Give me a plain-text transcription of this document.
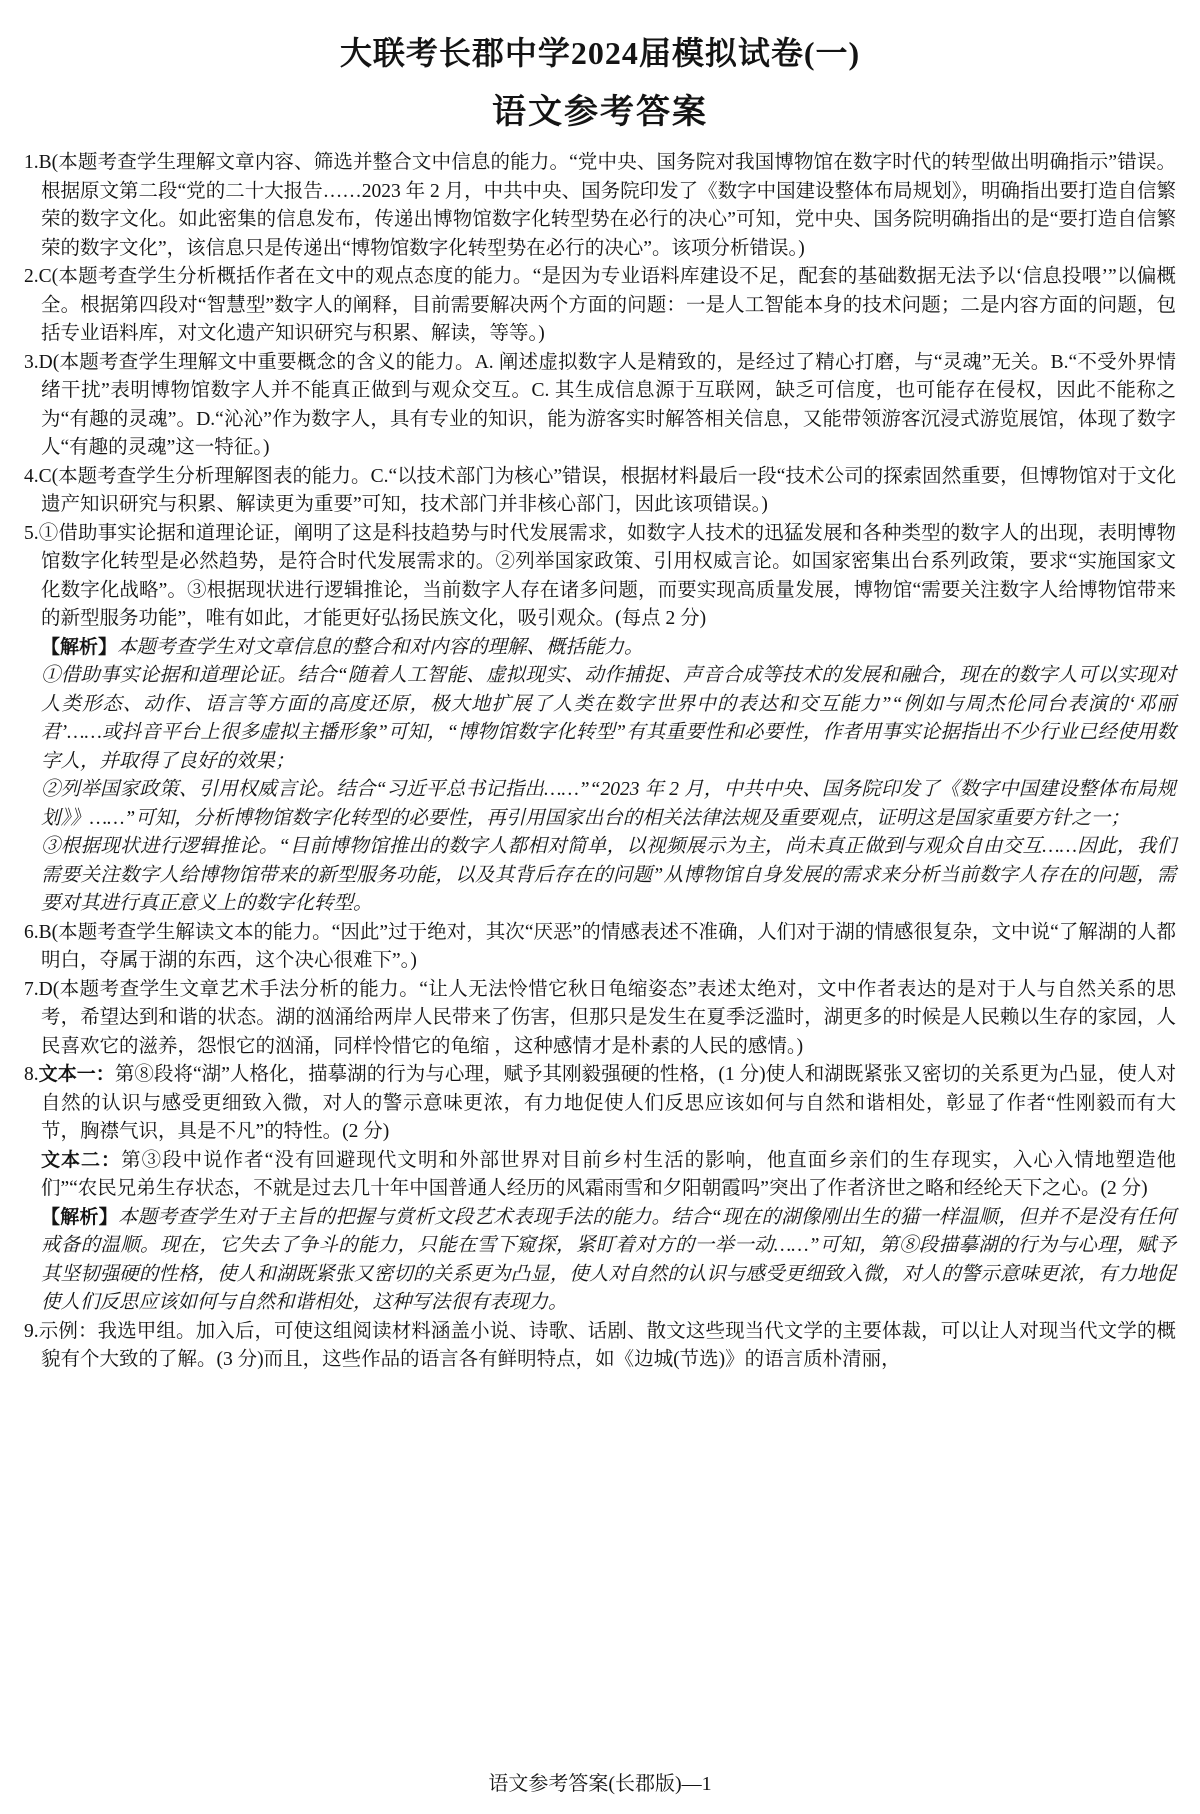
大联考长郡中学2024届模拟试卷(一)
语文参考答案
1.B(本题考查学生理解文章内容、筛选并整合文中信息的能力。“党中央、国务院对我国博物馆在数字时代的转型做出明确指示”错误。根据原文第二段“党的二十大报告……2023 年 2 月，中共中央、国务院印发了《数字中国建设整体布局规划》，明确指出要打造自信繁荣的数字文化。如此密集的信息发布，传递出博物馆数字化转型势在必行的决心”可知，党中央、国务院明确指出的是“要打造自信繁荣的数字文化”，该信息只是传递出“博物馆数字化转型势在必行的决心”。该项分析错误。)
2.C(本题考查学生分析概括作者在文中的观点态度的能力。“是因为专业语料库建设不足，配套的基础数据无法予以‘信息投喂’”以偏概全。根据第四段对“智慧型”数字人的阐释，目前需要解决两个方面的问题：一是人工智能本身的技术问题；二是内容方面的问题，包括专业语料库，对文化遗产知识研究与积累、解读，等等。)
3.D(本题考查学生理解文中重要概念的含义的能力。A. 阐述虚拟数字人是精致的，是经过了精心打磨，与“灵魂”无关。B.“不受外界情绪干扰”表明博物馆数字人并不能真正做到与观众交互。C. 其生成信息源于互联网，缺乏可信度，也可能存在侵权，因此不能称之为“有趣的灵魂”。D.“沁沁”作为数字人，具有专业的知识，能为游客实时解答相关信息，又能带领游客沉浸式游览展馆，体现了数字人“有趣的灵魂”这一特征。)
4.C(本题考查学生分析理解图表的能力。C.“以技术部门为核心”错误，根据材料最后一段“技术公司的探索固然重要，但博物馆对于文化遗产知识研究与积累、解读更为重要”可知，技术部门并非核心部门，因此该项错误。)
5.①借助事实论据和道理论证，阐明了这是科技趋势与时代发展需求，如数字人技术的迅猛发展和各种类型的数字人的出现，表明博物馆数字化转型是必然趋势，是符合时代发展需求的。②列举国家政策、引用权威言论。如国家密集出台系列政策，要求“实施国家文化数字化战略”。③根据现状进行逻辑推论，当前数字人存在诸多问题，而要实现高质量发展，博物馆“需要关注数字人给博物馆带来的新型服务功能”，唯有如此，才能更好弘扬民族文化，吸引观众。(每点 2 分)
【解析】本题考查学生对文章信息的整合和对内容的理解、概括能力。
①借助事实论据和道理论证。结合“随着人工智能、虚拟现实、动作捕捉、声音合成等技术的发展和融合，现在的数字人可以实现对人类形态、动作、语言等方面的高度还原，极大地扩展了人类在数字世界中的表达和交互能力”“例如与周杰伦同台表演的‘邓丽君’……或抖音平台上很多虚拟主播形象”可知，“博物馆数字化转型”有其重要性和必要性，作者用事实论据指出不少行业已经使用数字人，并取得了良好的效果；
②列举国家政策、引用权威言论。结合“习近平总书记指出……”“2023 年 2 月，中共中央、国务院印发了《数字中国建设整体布局规划》》……”可知，分析博物馆数字化转型的必要性，再引用国家出台的相关法律法规及重要观点，证明这是国家重要方针之一；
③根据现状进行逻辑推论。“目前博物馆推出的数字人都相对简单，以视频展示为主，尚未真正做到与观众自由交互……因此，我们需要关注数字人给博物馆带来的新型服务功能，以及其背后存在的问题”从博物馆自身发展的需求来分析当前数字人存在的问题，需要对其进行真正意义上的数字化转型。
6.B(本题考查学生解读文本的能力。“因此”过于绝对，其次“厌恶”的情感表述不准确，人们对于湖的情感很复杂，文中说“了解湖的人都明白，夺属于湖的东西，这个决心很难下”。)
7.D(本题考查学生文章艺术手法分析的能力。“让人无法怜惜它秋日龟缩姿态”表述太绝对，文中作者表达的是对于人与自然关系的思考，希望达到和谐的状态。湖的汹涌给两岸人民带来了伤害，但那只是发生在夏季泛滥时，湖更多的时候是人民赖以生存的家园，人民喜欢它的滋养，怨恨它的汹涌，同样怜惜它的龟缩 ，这种感情才是朴素的人民的感情。)
8.文本一：第⑧段将“湖”人格化，描摹湖的行为与心理，赋予其刚毅强硬的性格，(1 分)使人和湖既紧张又密切的关系更为凸显，使人对自然的认识与感受更细致入微，对人的警示意味更浓，有力地促使人们反思应该如何与自然和谐相处，彰显了作者“性刚毅而有大节，胸襟气识，具是不凡”的特性。(2 分)
文本二：第③段中说作者“没有回避现代文明和外部世界对目前乡村生活的影响，他直面乡亲们的生存现实，入心入情地塑造他们”“农民兄弟生存状态，不就是过去几十年中国普通人经历的风霜雨雪和夕阳朝霞吗”突出了作者济世之略和经纶天下之心。(2 分)
【解析】本题考查学生对于主旨的把握与赏析文段艺术表现手法的能力。结合“现在的湖像刚出生的猫一样温顺，但并不是没有任何戒备的温顺。现在，它失去了争斗的能力，只能在雪下窥探，紧盯着对方的一举一动……”可知，第⑧段描摹湖的行为与心理，赋予其坚韧强硬的性格，使人和湖既紧张又密切的关系更为凸显，使人对自然的认识与感受更细致入微，对人的警示意味更浓，有力地促使人们反思应该如何与自然和谐相处，这种写法很有表现力。
9.示例：我选甲组。加入后，可使这组阅读材料涵盖小说、诗歌、话剧、散文这些现当代文学的主要体裁，可以让人对现当代文学的概貌有个大致的了解。(3 分)而且，这些作品的语言各有鲜明特点，如《边城(节选)》的语言质朴清丽，
语文参考答案(长郡版)—1
